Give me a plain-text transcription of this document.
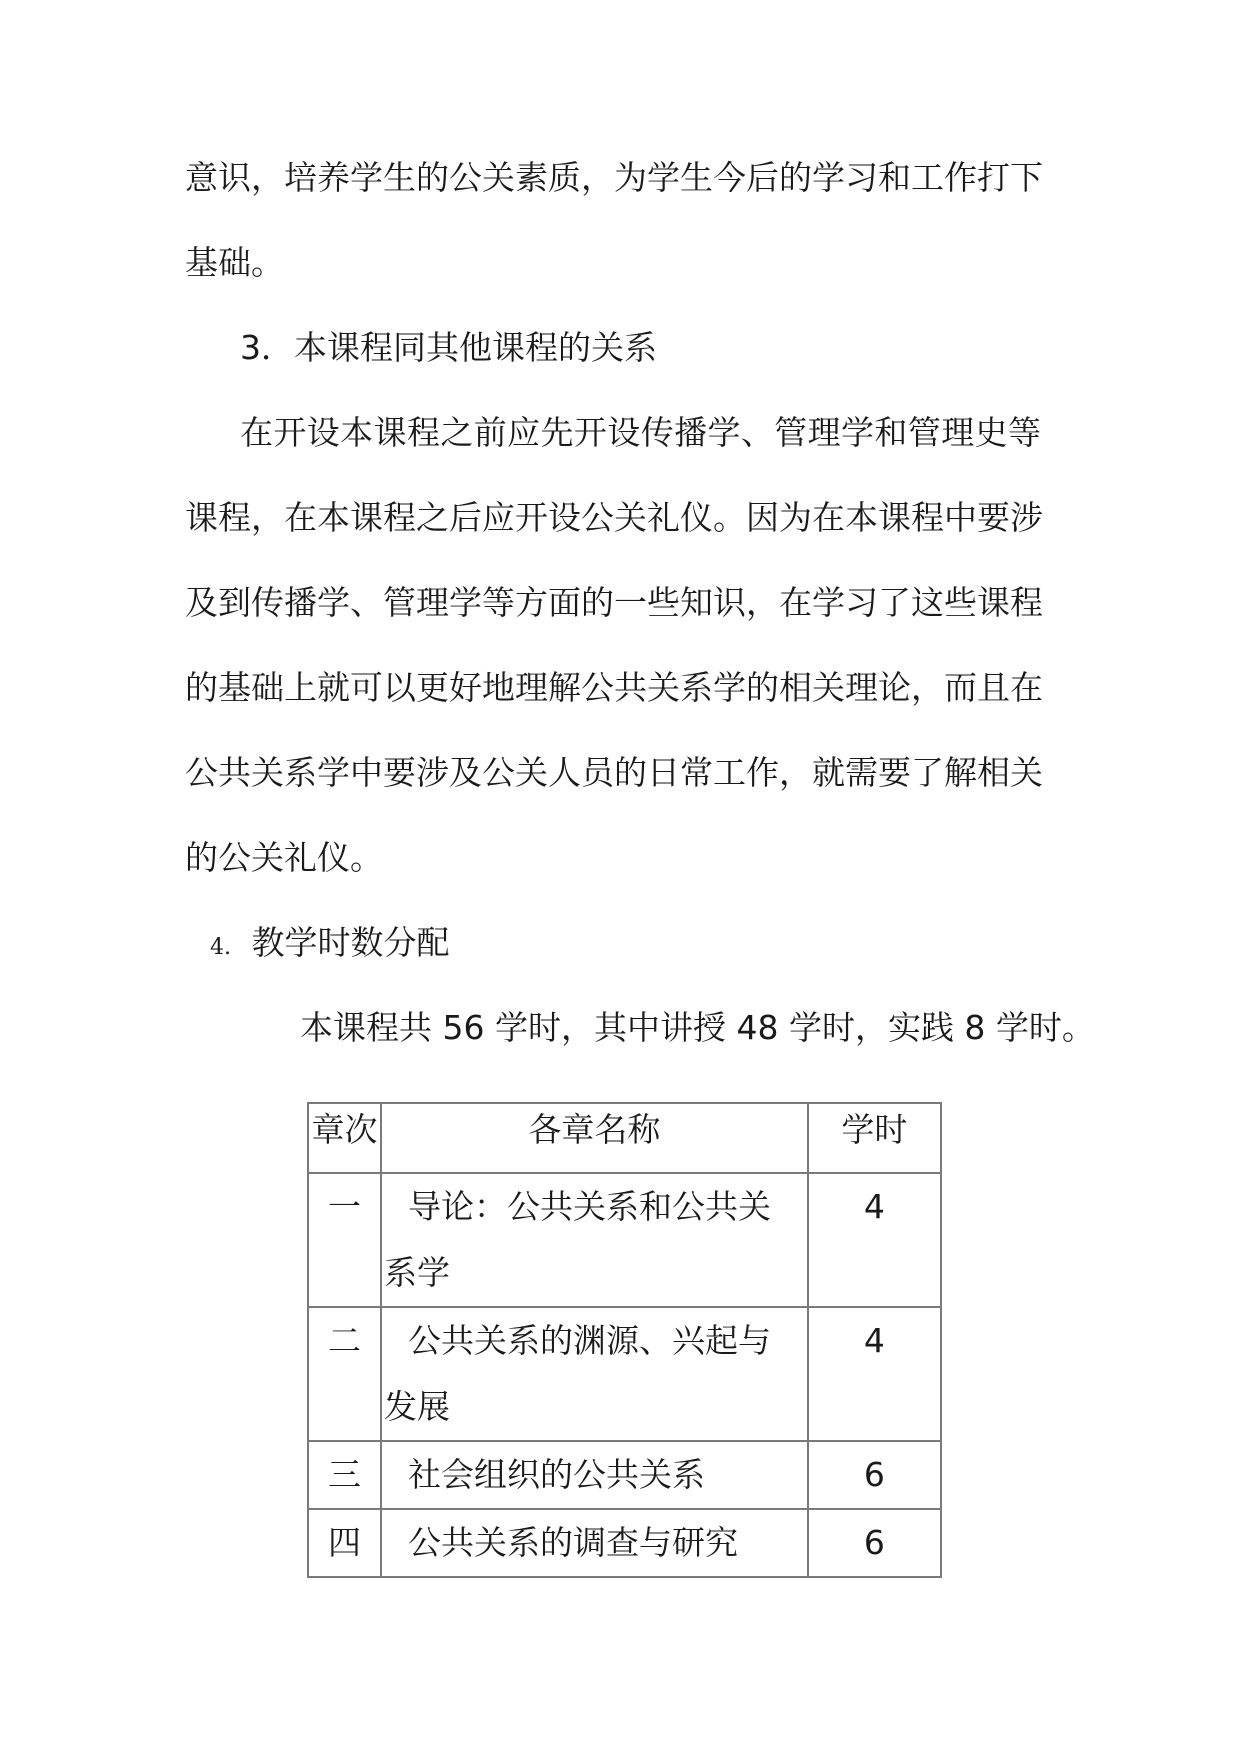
意识，培养学生的公关素质，为学生今后的学习和工作打下
基础。
3．本课程同其他课程的关系
在开设本课程之前应先开设传播学、管理学和管理史等
课程，在本课程之后应开设公关礼仪。因为在本课程中要涉
及到传播学、管理学等方面的一些知识，在学习了这些课程
的基础上就可以更好地理解公共关系学的相关理论，而且在
公共关系学中要涉及公关人员的日常工作，就需要了解相关
的公关礼仪。
4. 教学时数分配
本课程共 56 学时，其中讲授 48 学时，实践 8 学时。
章次	各章名称	学时
一	导论：公共关系和公共关系学	4
二	公共关系的渊源、兴起与发展	4
三	社会组织的公共关系	6
四	公共关系的调查与研究	6
